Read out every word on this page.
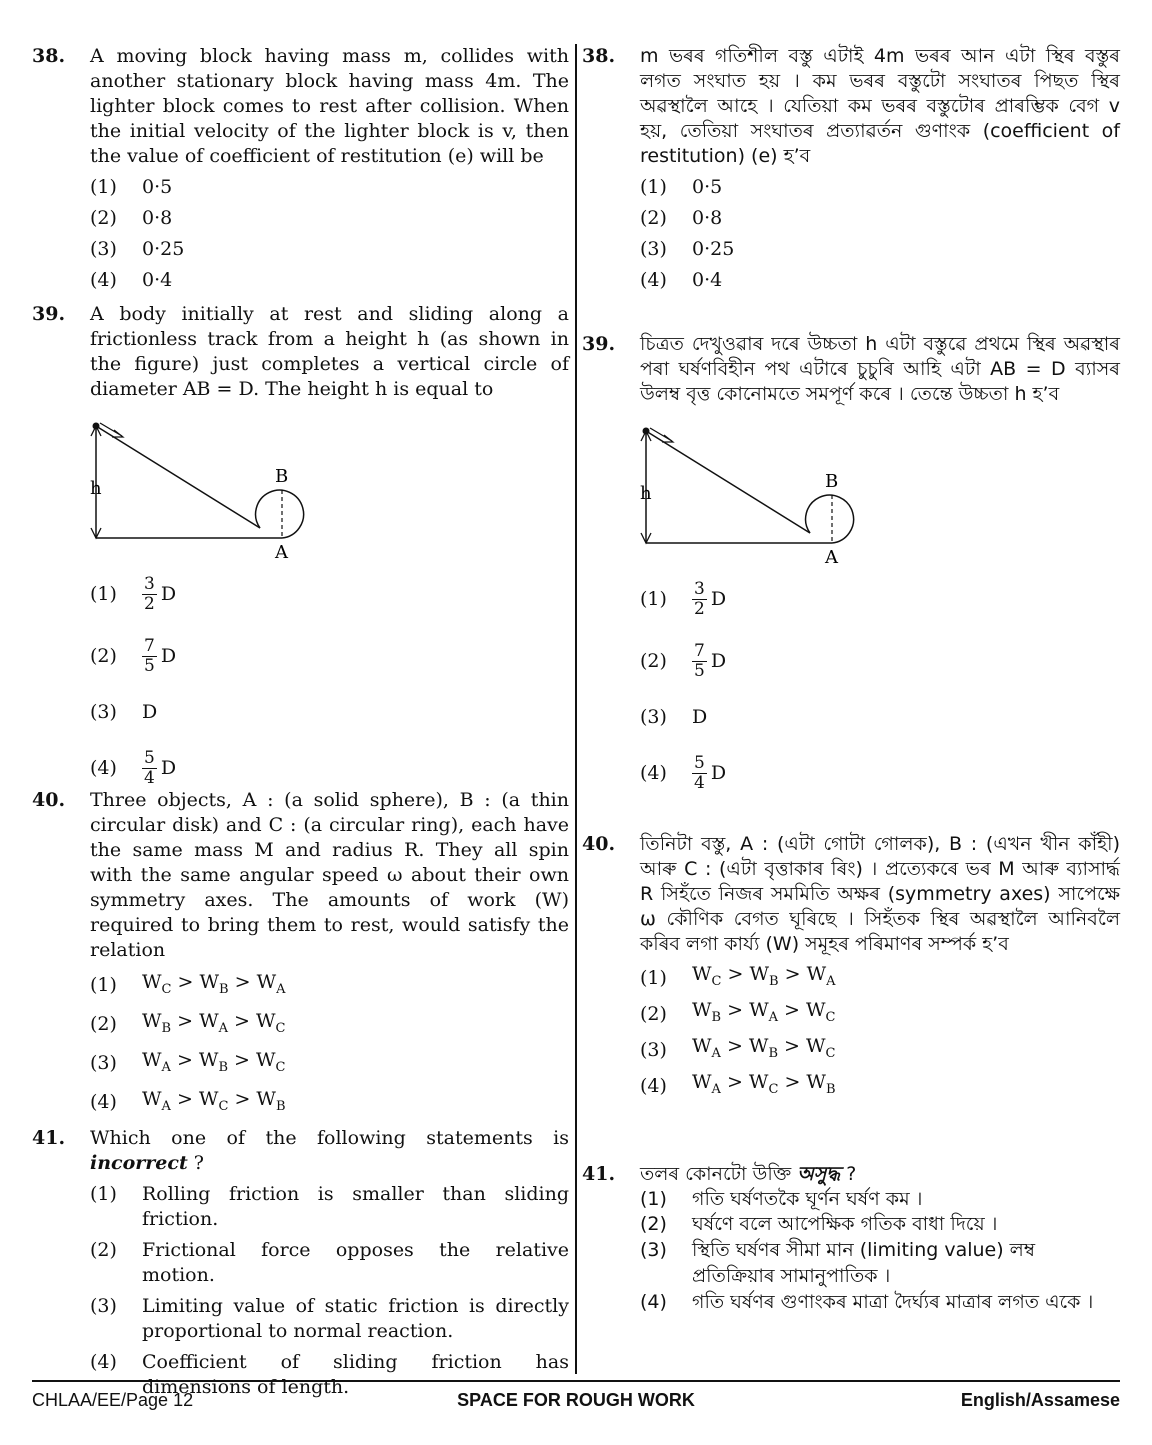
38. A moving block having mass m, collides with another stationary block having mass 4m. The lighter block comes to rest after collision. When the initial velocity of the lighter block is v, then the value of coefficient of restitution (e) will be
(1)	0·5
(2)	0·8
(3)	0·25
(4)	0·4
39. A body initially at rest and sliding along a frictionless track from a height h (as shown in the figure) just completes a vertical circle of diameter AB = D. The height h is equal to
h
B
A
(1)	$\frac{3}{2}$ D
(2)	$\frac{7}{5}$ D
(3)	D
(4)	$\frac{5}{4}$ D
40. Three objects, A : (a solid sphere), B : (a thin circular disk) and C : (a circular ring), each have the same mass M and radius R. They all spin with the same angular speed ω about their own symmetry axes. The amounts of work (W) required to bring them to rest, would satisfy the relation
(1)	$W_C > W_B > W_A$
(2)	$W_B > W_A > W_C$
(3)	$W_A > W_B > W_C$
(4)	$W_A > W_C > W_B$
41. Which one of the following statements is incorrect ?
(1)	Rolling friction is smaller than sliding friction.
(2)	Frictional force opposes the relative motion.
(3)	Limiting value of static friction is directly proportional to normal reaction.
(4)	Coefficient of sliding friction has dimensions of length.
38. m ভৰৰ গতিশীল বস্তু এটাই 4m ভৰৰ আন এটা স্থিৰ বস্তুৰ লগত সংঘাত হয় । কম ভৰৰ বস্তুটো সংঘাতৰ পিছত স্থিৰ অৱস্থালৈ আহে । যেতিয়া কম ভৰৰ বস্তুটোৰ প্ৰাৰম্ভিক বেগ v হয়, তেতিয়া সংঘাতৰ প্ৰত্যাৱৰ্তন গুণাংক (coefficient of restitution) (e) হ’ব
(1)	0·5
(2)	0·8
(3)	0·25
(4)	0·4
39. চিত্ৰত দেখুওৱাৰ দৰে উচ্চতা h এটা বস্তুৱে প্ৰথমে স্থিৰ অৱস্থাৰ পৰা ঘৰ্ষণবিহীন পথ এটাৰে চুচুৰি আহি এটা AB = D ব্যাসৰ উলম্ব বৃত্ত কোনোমতে সমপূৰ্ণ কৰে । তেন্তে উচ্চতা h হ’ব
h
B
A
(1)	$\frac{3}{2}$ D
(2)	$\frac{7}{5}$ D
(3)	D
(4)	$\frac{5}{4}$ D
40. তিনিটা বস্তু, A : (এটা গোটা গোলক), B : (এখন খীন কাঁহী) আৰু C : (এটা বৃত্তাকাৰ ৰিং) । প্ৰত্যেকৰে ভৰ M আৰু ব্যাসাৰ্দ্ধ R সিহঁতে নিজৰ সমমিতি অক্ষৰ (symmetry axes) সাপেক্ষে ω কৌণিক বেগত ঘূৰিছে । সিহঁতক স্থিৰ অৱস্থালৈ আনিবলৈ কৰিব লগা কাৰ্য্য (W) সমূহৰ পৰিমাণৰ সম্পৰ্ক হ’ব
(1)	$W_C > W_B > W_A$
(2)	$W_B > W_A > W_C$
(3)	$W_A > W_B > W_C$
(4)	$W_A > W_C > W_B$
41. তলৰ কোনটো উক্তি অসুদ্ধ ?
(1)	গতি ঘৰ্ষণতকৈ ঘূৰ্ণন ঘৰ্ষণ কম ।
(2)	ঘৰ্ষণে বলে আপেক্ষিক গতিক বাধা দিয়ে ।
(3)	স্থিতি ঘৰ্ষণৰ সীমা মান (limiting value) লম্ব প্ৰতিক্ৰিয়াৰ সামানুপাতিক ।
(4)	গতি ঘৰ্ষণৰ গুণাংকৰ মাত্ৰা দৈৰ্ঘ্যৰ মাত্ৰাৰ লগত একে ।
CHLAA/EE/Page 12	SPACE FOR ROUGH WORK	English/Assamese
